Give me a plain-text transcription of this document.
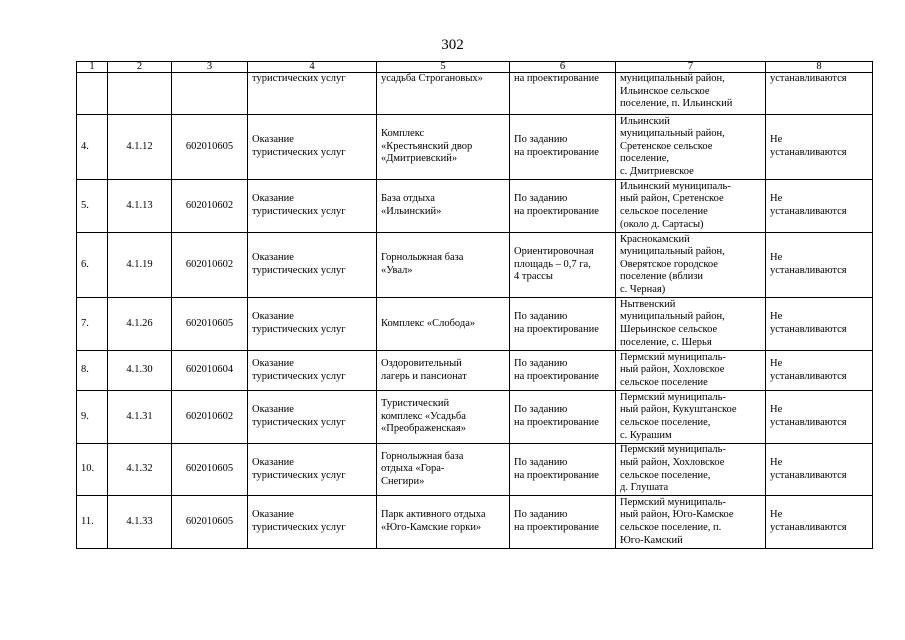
302
1	2	3	4	5	6	7	8
			туристических услуг	усадьба Строгановых»	на проектирование	муниципальный район,
Ильинское сельское
поселение, п. Ильинский	устанавливаются
4.	4.1.12	602010605	Оказание
туристических услуг	Комплекс
«Крестьянский двор
«Дмитриевский»	По заданию
на проектирование	Ильинский
муниципальный район,
Сретенское сельское
поселение,
с. Дмитриевское	Не
устанавливаются
5.	4.1.13	602010602	Оказание
туристических услуг	База отдыха
«Ильинский»	По заданию
на проектирование	Ильинский муниципаль-
ный район, Сретенское
сельское поселение
(около д. Сартасы)	Не
устанавливаются
6.	4.1.19	602010602	Оказание
туристических услуг	Горнолыжная база
«Увал»	Ориентировочная
площадь – 0,7 га,
4 трассы	Краснокамский
муниципальный район,
Оверятское городское
поселение (вблизи
с. Черная)	Не
устанавливаются
7.	4.1.26	602010605	Оказание
туристических услуг	Комплекс «Слобода»	По заданию
на проектирование	Нытвенский
муниципальный район,
Шерьинское сельское
поселение, с. Шерья	Не
устанавливаются
8.	4.1.30	602010604	Оказание
туристических услуг	Оздоровительный
лагерь и пансионат	По заданию
на проектирование	Пермский муниципаль-
ный район, Хохловское
сельское поселение	Не
устанавливаются
9.	4.1.31	602010602	Оказание
туристических услуг	Туристический
комплекс «Усадьба
«Преображенская»	По заданию
на проектирование	Пермский муниципаль-
ный район, Кукуштанское
сельское поселение,
с. Курашим	Не
устанавливаются
10.	4.1.32	602010605	Оказание
туристических услуг	Горнолыжная база
отдыха «Гора-
Снегири»	По заданию
на проектирование	Пермский муниципаль-
ный район, Хохловское
сельское поселение,
д. Глушата	Не
устанавливаются
11.	4.1.33	602010605	Оказание
туристических услуг	Парк активного отдыха
«Юго-Камские горки»	По заданию
на проектирование	Пермский муниципаль-
ный район, Юго-Камское
сельское поселение, п.
Юго-Камский	Не
устанавливаются
